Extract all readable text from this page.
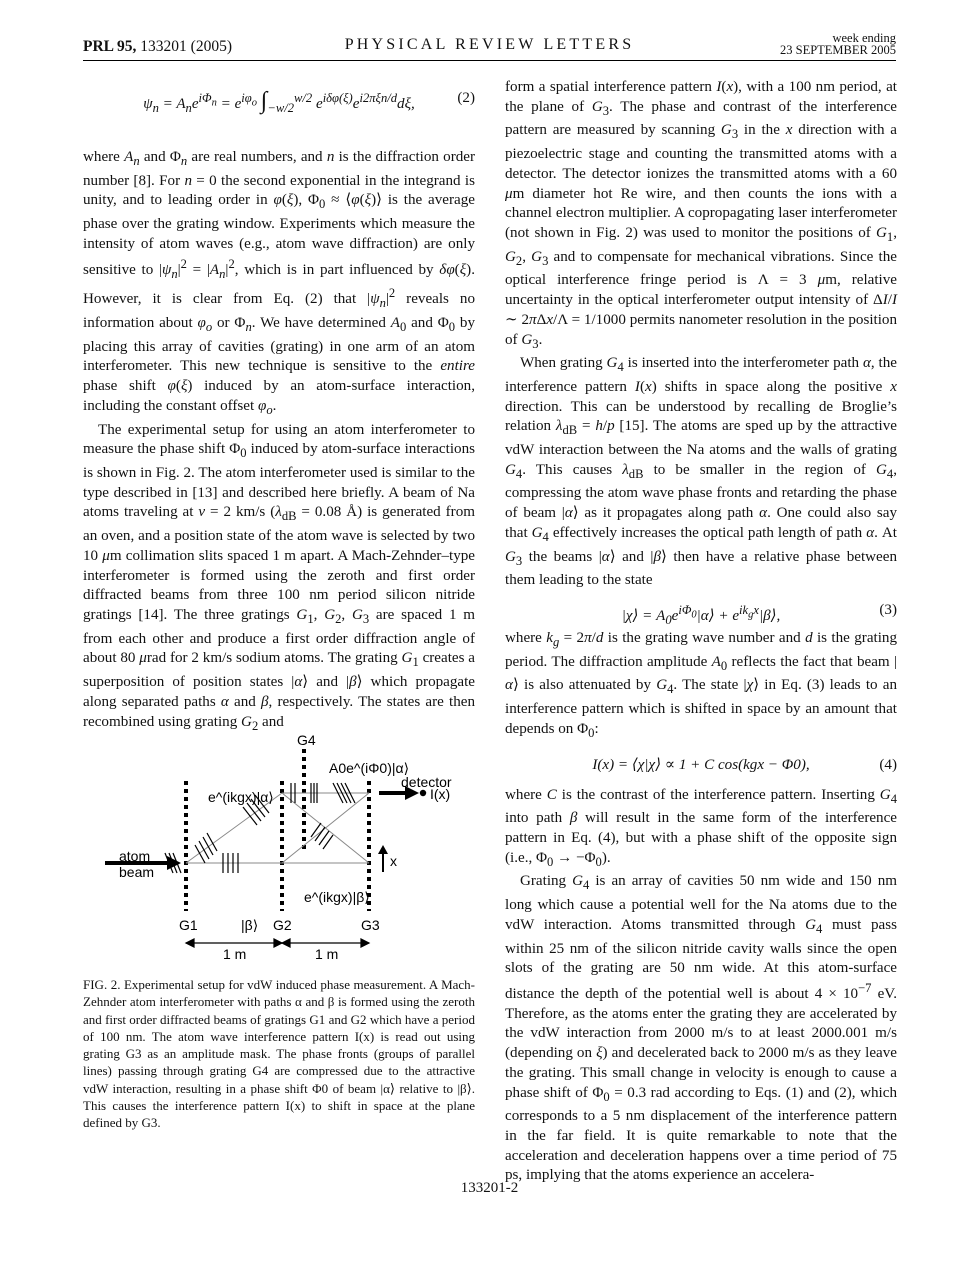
PRL 95, 133201 (2005)	PHYSICAL REVIEW LETTERS	week ending
23 SEPTEMBER 2005
$\psi_n = A_ne^{i\Phi_n} = e^{i\varphi_o}$ $\int_{-w/2}^{w/2}$ $e^{i\delta\varphi(\xi)}e^{i2\pi\xi n/d}d\xi$,	(2)

where $A_n$ and $\Phi_n$ are real numbers, and n is the diffraction order number [8]. For n = 0 the second exponential in the integrand is unity, and to leading order in φ(ξ), $\Phi_0$ ≈ ⟨φ(ξ)⟩ is the average phase over the grating window. Experiments which measure the intensity of atom waves (e.g., atom wave diffraction) are only sensitive to $|\psi_n|^2 = |A_n|^2$, which is in part influenced by δφ(ξ). However, it is clear from Eq. (2) that $|\psi_n|^2$ reveals no information about $\varphi_o$ or $\Phi_n$. We have determined $A_0$ and $\Phi_0$ by placing this array of cavities (grating) in one arm of an atom interferometer. This new technique is sensitive to the entire phase shift φ(ξ) induced by an atom-surface interaction, including the constant offset $\varphi_o$.

The experimental setup for using an atom interferometer to measure the phase shift $\Phi_0$ induced by atom-surface interactions is shown in Fig. 2. The atom interferometer used is similar to the type described in [13] and described here briefly. A beam of Na atoms traveling at v = 2 km/s ($\lambda_{dB} = 0.08$ Å) is generated from an oven, and a position state of the atom wave is selected by two 10 μm collimation slits spaced 1 m apart. A Mach-Zehnder–type interferometer is formed using the zeroth and first order diffracted beams from three 100 nm period silicon nitride gratings [14]. The three gratings $G_1$, $G_2$, $G_3$ are spaced 1 m from each other and produce a first order diffraction angle of about 80 μrad for 2 km/s sodium atoms. The grating $G_1$ creates a superposition of position states |α⟩ and |β⟩ which propagate along separated paths α and β, respectively. The states are then recombined using grating $G_2$ and

G4
A0e^(iΦ0)|α⟩
detector
I(x)
e^(ikgx)|α⟩
atom
beam
x
e^(ikgx)|β⟩
G1	|β⟩ G2	G3
1 m	1 m
FIG. 2. Experimental setup for vdW induced phase measurement. A Mach-Zehnder atom interferometer with paths α and β is formed using the zeroth and first order diffracted beams of gratings G1 and G2 which have a period of 100 nm. The atom wave interference pattern I(x) is read out using grating G3 as an amplitude mask. The phase fronts (groups of parallel lines) passing through grating G4 are compressed due to the attractive vdW interaction, resulting in a phase shift Φ0 of beam |α⟩ relative to |β⟩. This causes the interference pattern I(x) to shift in space at the plane defined by G3.

form a spatial interference pattern I(x), with a 100 nm period, at the plane of $G_3$. The phase and contrast of the interference pattern are measured by scanning $G_3$ in the x direction with a piezoelectric stage and counting the transmitted atoms with a detector. The detector ionizes the transmitted atoms with a 60 μm diameter hot Re wire, and then counts the ions with a channel electron multiplier. A copropagating laser interferometer (not shown in Fig. 2) was used to monitor the positions of $G_1$, $G_2$, $G_3$ and to compensate for mechanical vibrations. Since the optical interference fringe period is Λ = 3 μm, relative uncertainty in the optical interferometer output intensity of ΔI/I ∼ 2πΔx/Λ = 1/1000 permits nanometer resolution in the position of $G_3$.

When grating $G_4$ is inserted into the interferometer path α, the interference pattern I(x) shifts in space along the positive x direction. This can be understood by recalling de Broglie’s relation $\lambda_{dB} = h/p$ [15]. The atoms are sped up by the attractive vdW interaction between the Na atoms and the walls of grating $G_4$. This causes $\lambda_{dB}$ to be smaller in the region of $G_4$, compressing the atom wave phase fronts and retarding the phase of beam |α⟩ as it propagates along path α. One could also say that $G_4$ effectively increases the optical path length of path α. At $G_3$ the beams |α⟩ and |β⟩ then have a relative phase between them leading to the state

|χ⟩ = $A_0e^{i\Phi_0}|\alpha⟩$ + $e^{ik_gx}|\beta⟩$,	(3)

where $k_g = 2\pi/d$ is the grating wave number and d is the grating period. The diffraction amplitude $A_0$ reflects the fact that beam |α⟩ is also attenuated by $G_4$. The state |χ⟩ in Eq. (3) leads to an interference pattern which is shifted in space by an amount that depends on $\Phi_0$:

I(x) = ⟨χ|χ⟩ ∝ 1 + C cos(kgx − Φ0),	(4)

where C is the contrast of the interference pattern. Inserting $G_4$ into path β will result in the same form of the interference pattern in Eq. (4), but with a phase shift of the opposite sign (i.e., $\Phi_0 \to -\Phi_0$).

Grating $G_4$ is an array of cavities 50 nm wide and 150 nm long which cause a potential well for the Na atoms due to the vdW interaction. Atoms transmitted through $G_4$ must pass within 25 nm of the silicon nitride cavity walls since the open slots of the grating are 50 nm wide. At this atom-surface distance the depth of the potential well is about $4 \times 10^{-7}$ eV. Therefore, as the atoms enter the grating they are accelerated by the vdW interaction from 2000 m/s to at least 2000.001 m/s (depending on ξ) and decelerated back to 2000 m/s as they leave the grating. This small change in velocity is enough to cause a phase shift of $\Phi_0 = 0.3$ rad according to Eqs. (1) and (2), which corresponds to a 5 nm displacement of the interference pattern in the far field. It is quite remarkable to note that the acceleration and deceleration happens over a time period of 75 ps, implying that the atoms experience an accelera-

133201-2
